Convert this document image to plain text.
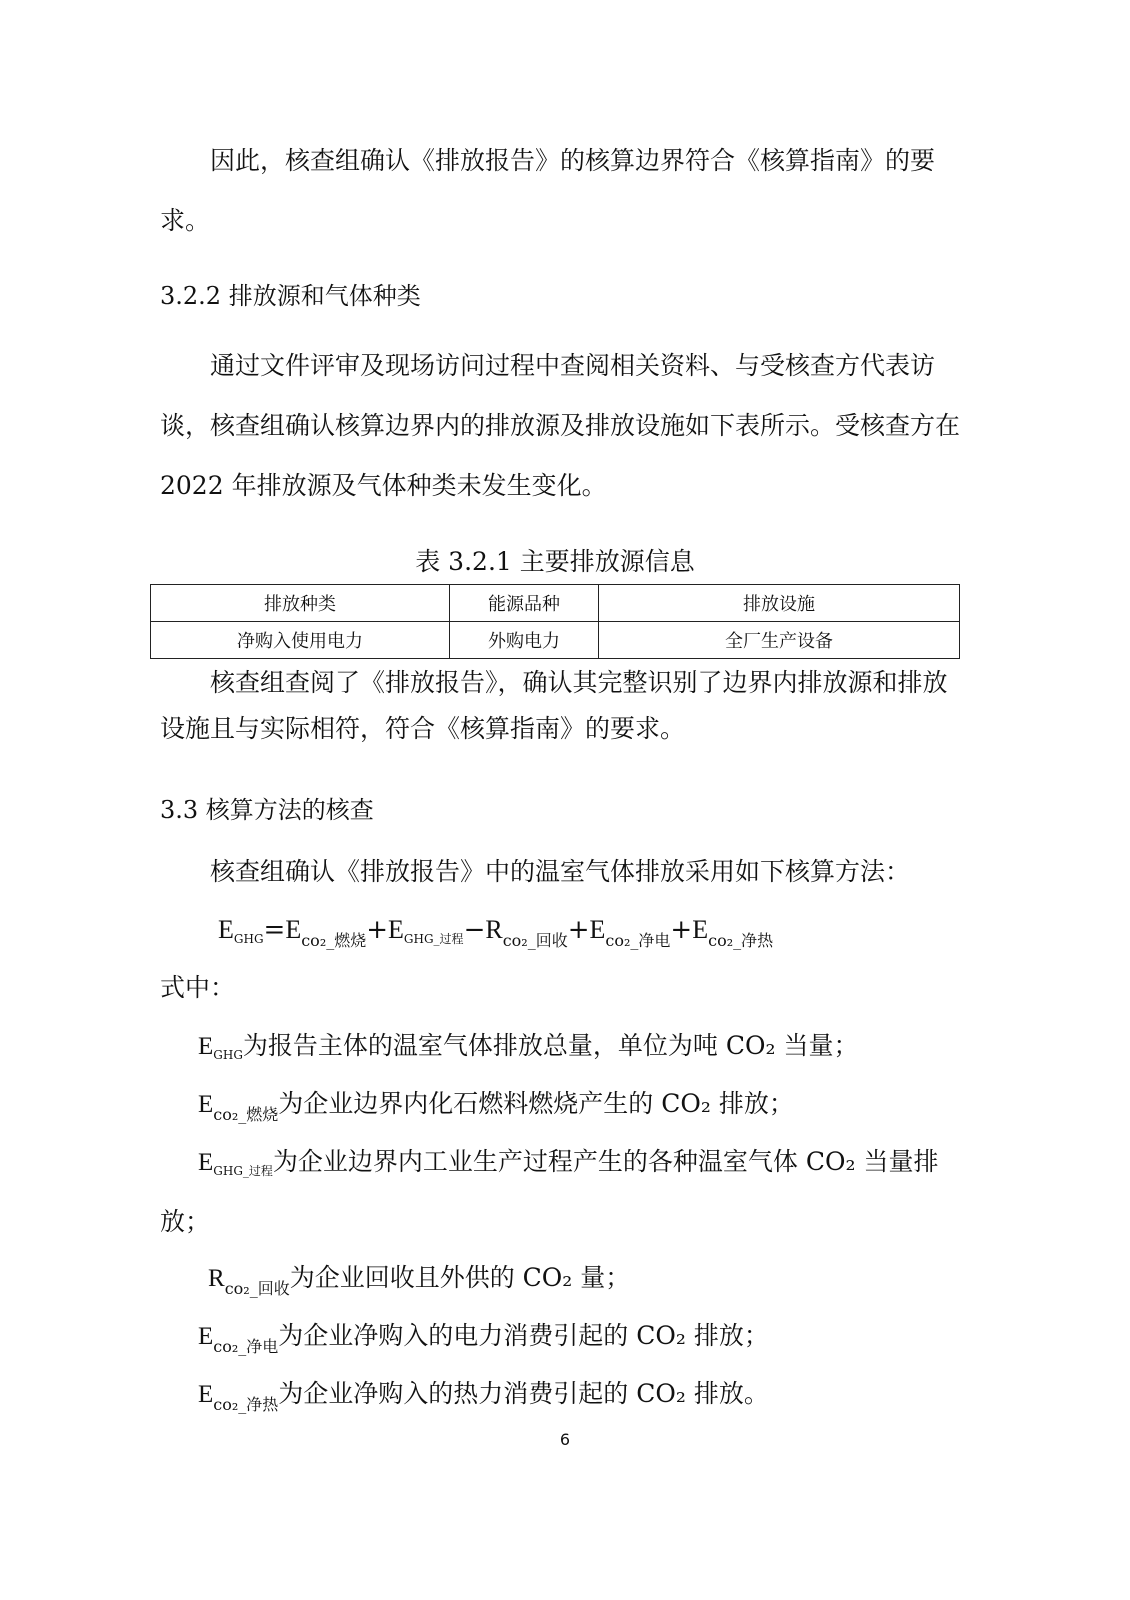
因此，核查组确认《排放报告》的核算边界符合《核算指南》的要求。

3.2.2 排放源和气体种类

通过文件评审及现场访问过程中查阅相关资料、与受核查方代表访谈，核查组确认核算边界内的排放源及排放设施如下表所示。受核查方在 2022 年排放源及气体种类未发生变化。

表 3.2.1 主要排放源信息
排放种类	能源品种	排放设施
净购入使用电力	外购电力	全厂生产设备

核查组查阅了《排放报告》，确认其完整识别了边界内排放源和排放设施且与实际相符，符合《核算指南》的要求。

3.3 核算方法的核查

核查组确认《排放报告》中的温室气体排放采用如下核算方法：

$EGHG=E_{co_2\_燃烧}+EGHG\_$过程$-R_{co_2\_回收}+E_{co_2\_净电}+E_{co_2\_净热}$

式中：

$E_{GHG}$为报告主体的温室气体排放总量，单位为吨 CO₂ 当量；

$E_{co_2\_燃烧}$为企业边界内化石燃料燃烧产生的 CO₂ 排放；

$E_{GHG\_过程}$为企业边界内工业生产过程产生的各种温室气体 CO₂ 当量排

放；

$R_{co_2\_回收}$为企业回收且外供的 CO₂ 量；

$E_{co_2\_净电}$为企业净购入的电力消费引起的 CO₂ 排放；

$E_{co_2\_净热}$为企业净购入的热力消费引起的 CO₂ 排放。

6
